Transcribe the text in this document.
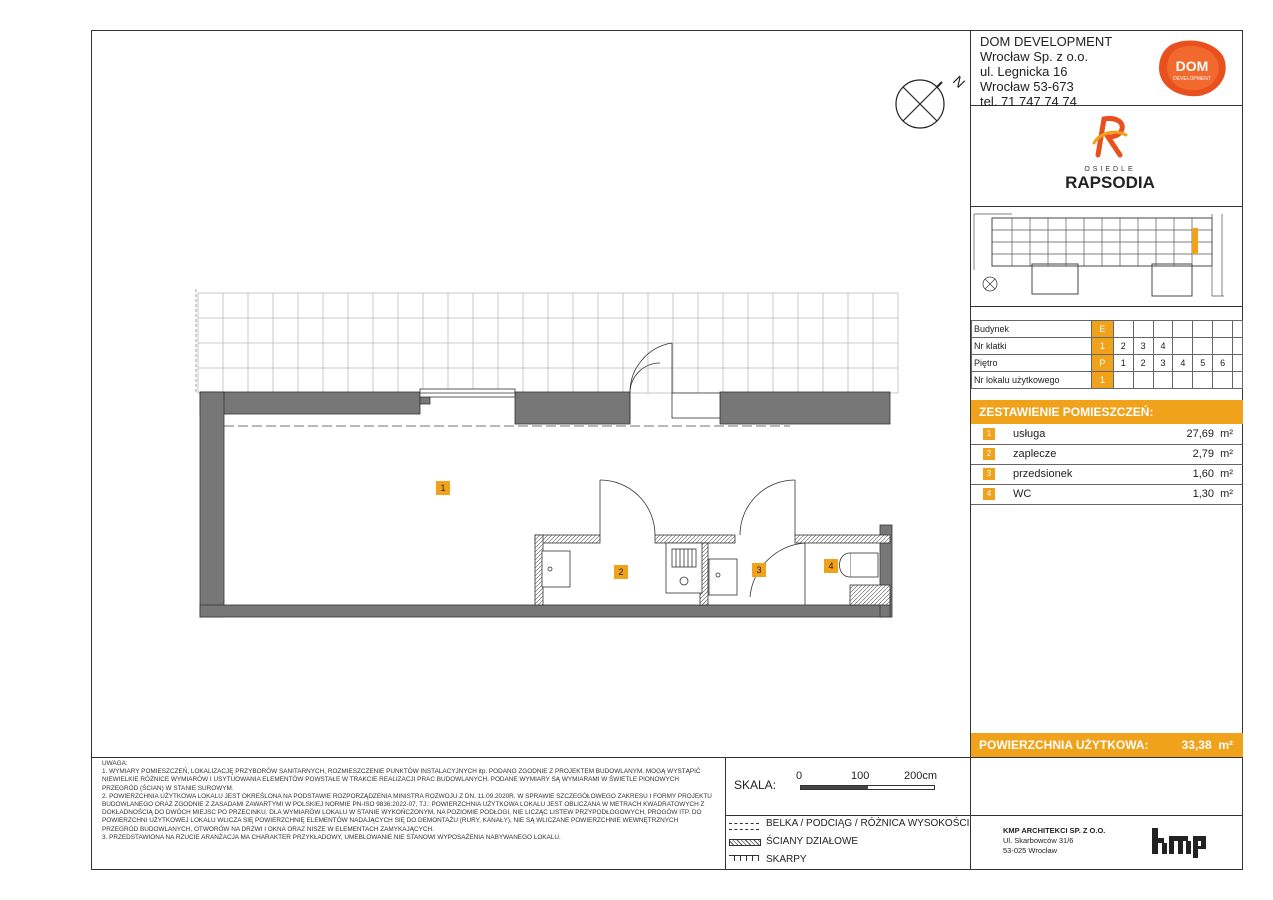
DOM DEVELOPMENT
Wrocław Sp. z o.o.
ul. Legnicka 16
Wrocław 53-673
tel. 71 747 74 74
DOM
DEVELOPMENT
OSIEDLE
RAPSODIA
Budynek	E							
Nr klatki	1	2	3	4				
Piętro	P	1	2	3	4	5	6	
Nr lokalu użytkowego	1							
ZESTAWIENIE POMIESZCZEŃ:
1	usługa	27,69 m²
2	zaplecze	2,79 m²
3	przedsionek	1,60 m²
4	WC	1,30 m²
POWIERZCHNIA UŻYTKOWA:	33,38 m²
N
1
2	3	4
UWAGA:
1. WYMIARY POMIESZCZEŃ, LOKALIZACJĘ PRZYBORÓW SANITARNYCH, ROZMIESZCZENIE PUNKTÓW INSTALACYJNYCH itp. PODANO ZGODNIE Z PROJEKTEM BUDOWLANYM. MOGĄ WYSTĄPIĆ NIEWIELKIE RÓŻNICE WYMIARÓW I USYTUOWANIA ELEMENTÓW POWSTAŁE W TRAKCIE REALIZACJI PRAC BUDOWLANYCH. PODANE WYMIARY SĄ WYMIARAMI W ŚWIETLE PIONOWYCH PRZEGRÓD (ŚCIAN) W STANIE SUROWYM.
2. POWIERZCHNIA UŻYTKOWA LOKALU JEST OKREŚLONA NA PODSTAWIE ROZPORZĄDZENIA MINISTRA ROZWOJU Z DN. 11.09.2020R. W SPRAWIE SZCZEGÓŁOWEGO ZAKRESU I FORMY PROJEKTU BUDOWLANEGO ORAZ ZGODNIE Z ZASADAMI ZAWARTYMI W POLSKIEJ NORMIE PN-ISO 9836:2022-07, TJ.: POWIERZCHNIA UŻYTKOWA LOKALU JEST OBLICZANA W METRACH KWADRATOWYCH Z DOKŁADNOŚCIĄ DO DWÓCH MIEJSC PO PRZECINKU. DLA WYMIARÓW LOKALU W STANIE WYKOŃCZONYM, NA POZIOMIE PODŁOGI, NIE LICZĄC LISTEW PRZYPODŁOGOWYCH, PROGÓW ITP. DO POWIERZCHNI UŻYTKOWEJ LOKALU WLICZA SIĘ POWIERZCHNIĘ ELEMENTÓW NADAJĄCYCH SIĘ DO DEMONTAŻU (RURY, KANAŁY), NIE SĄ WLICZANE POWIERZCHNIE WEWNĘTRZNYCH PRZEGRÓD BUDOWLANYCH, OTWORÓW NA DRZWI I OKNA ORAZ NISZE W ELEMENTACH ZAMYKAJĄCYCH.
3. PRZEDSTAWIONA NA RZUCIE ARANŻACJA MA CHARAKTER PRZYKŁADOWY, UMEBLOWANIE NIE STANOWI WYPOSAŻENIA NABYWANEGO LOKALU.
SKALA:
0	100	200cm
BELKA / PODCIĄG / RÓŻNICA WYSOKOŚCI
ŚCIANY DZIAŁOWE
SKARPY
KMP ARCHITEKCI SP. Z O.O.
Ul. Skarbowców 31/6
53-025 Wrocław
